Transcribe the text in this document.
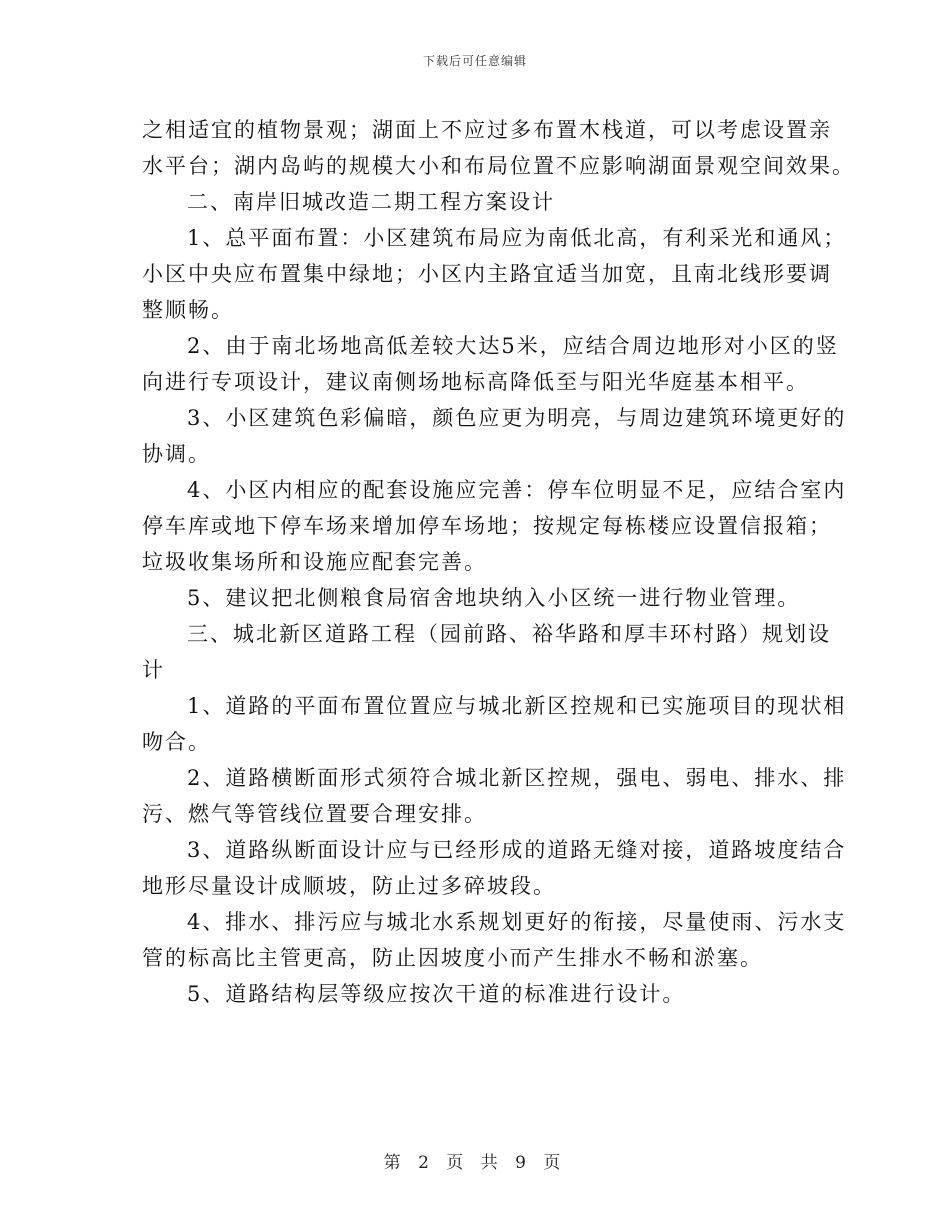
下载后可任意编辑
之相适宜的植物景观；湖面上不应过多布置木栈道，可以考虑设置亲
水平台；湖内岛屿的规模大小和布局位置不应影响湖面景观空间效果。
二、南岸旧城改造二期工程方案设计
1、总平面布置：小区建筑布局应为南低北高，有利采光和通风；
小区中央应布置集中绿地；小区内主路宜适当加宽，且南北线形要调
整顺畅。
2、由于南北场地高低差较大达5米，应结合周边地形对小区的竖
向进行专项设计，建议南侧场地标高降低至与阳光华庭基本相平。
3、小区建筑色彩偏暗，颜色应更为明亮，与周边建筑环境更好的
协调。
4、小区内相应的配套设施应完善：停车位明显不足，应结合室内
停车库或地下停车场来增加停车场地；按规定每栋楼应设置信报箱；
垃圾收集场所和设施应配套完善。
5、建议把北侧粮食局宿舍地块纳入小区统一进行物业管理。
三、城北新区道路工程（园前路、裕华路和厚丰环村路）规划设
计
1、道路的平面布置位置应与城北新区控规和已实施项目的现状相
吻合。
2、道路横断面形式须符合城北新区控规，强电、弱电、排水、排
污、燃气等管线位置要合理安排。
3、道路纵断面设计应与已经形成的道路无缝对接，道路坡度结合
地形尽量设计成顺坡，防止过多碎坡段。
4、排水、排污应与城北水系规划更好的衔接，尽量使雨、污水支
管的标高比主管更高，防止因坡度小而产生排水不畅和淤塞。
5、道路结构层等级应按次干道的标准进行设计。
第 2 页 共 9 页
